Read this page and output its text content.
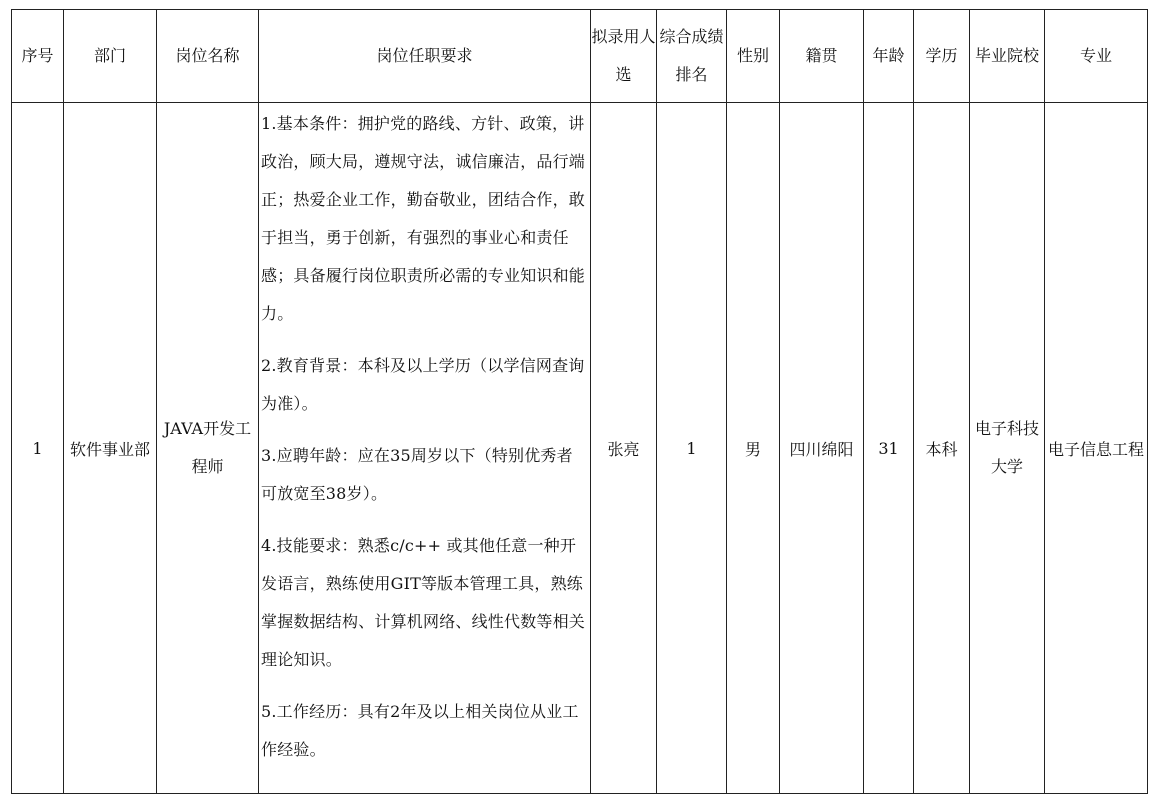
序号	部门	岗位名称	岗位任职要求	拟录用人选	综合成绩排名	性别	籍贯	年龄	学历	毕业院校	专业
1	软件事业部	JAVA开发工程师	1.基本条件：拥护党的路线、方针、政策，讲政治，顾大局，遵规守法，诚信廉洁，品行端正；热爱企业工作，勤奋敬业，团结合作，敢于担当，勇于创新，有强烈的事业心和责任感；具备履行岗位职责所必需的专业知识和能力。

2.教育背景：本科及以上学历（以学信网查询为准）。

3.应聘年龄：应在35周岁以下（特别优秀者可放宽至38岁）。

4.技能要求：熟悉c/c++ 或其他任意一种开发语言，熟练使用GIT等版本管理工具，熟练掌握数据结构、计算机网络、线性代数等相关理论知识。

5.工作经历：具有2年及以上相关岗位从业工作经验。	张亮	1	男	四川绵阳	31	本科	电子科技大学	电子信息工程
